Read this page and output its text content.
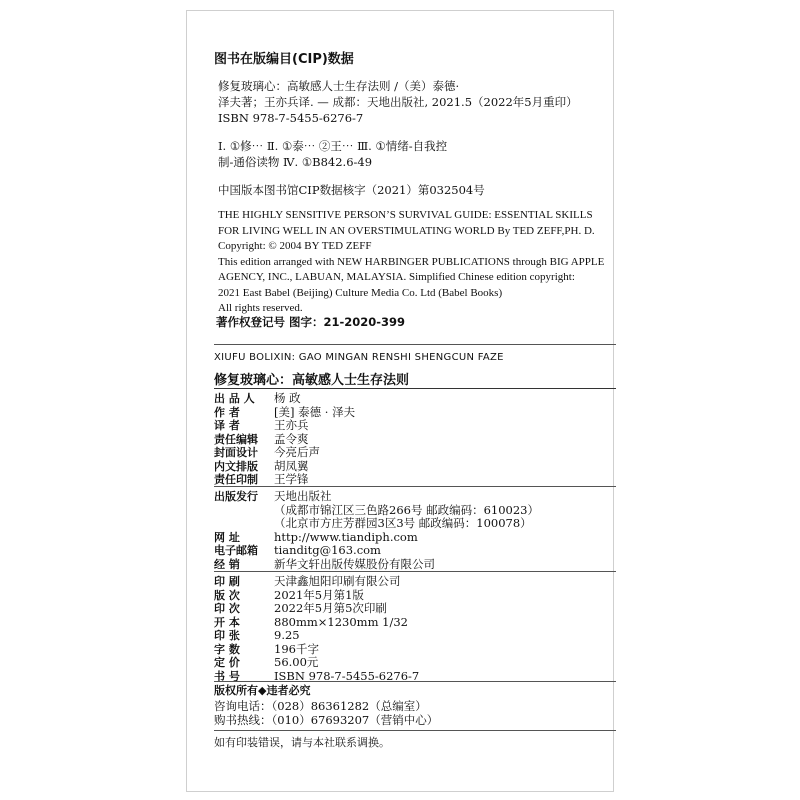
图书在版编目(CIP)数据
修复玻璃心：高敏感人士生存法则 /（美）泰德·
泽夫著；王亦兵译. — 成都：天地出版社, 2021.5（2022年5月重印）
ISBN 978-7-5455-6276-7
Ⅰ. ①修⋯ Ⅱ. ①泰⋯ ②王⋯ Ⅲ. ①情绪-自我控
制-通俗读物 Ⅳ. ①B842.6-49
中国版本图书馆CIP数据核字（2021）第032504号
THE HIGHLY SENSITIVE PERSON’S SURVIVAL GUIDE: ESSENTIAL SKILLS
FOR LIVING WELL IN AN OVERSTIMULATING WORLD By TED ZEFF,PH. D.
Copyright: © 2004 BY TED ZEFF
This edition arranged with NEW HARBINGER PUBLICATIONS through BIG APPLE
AGENCY, INC., LABUAN, MALAYSIA. Simplified Chinese edition copyright:
2021 East Babel (Beijing) Culture Media Co. Ltd (Babel Books)
All rights reserved.
著作权登记号 图字：21-2020-399
XIUFU BOLIXIN: GAO MINGAN RENSHI SHENGCUN FAZE
修复玻璃心：高敏感人士生存法则
出 品 人 杨 政
作 者	[美] 泰德 · 泽夫
译 者	王亦兵
责任编辑 孟令爽
封面设计 今亮后声
内文排版 胡凤翼
责任印制 王学锋
出版发行 天地出版社
（成都市锦江区三色路266号 邮政编码：610023）
（北京市方庄芳群园3区3号 邮政编码：100078）
网 址	http://www.tiandiph.com
电子邮箱 tianditg@163.com
经 销	新华文轩出版传媒股份有限公司
印 刷	天津鑫旭阳印刷有限公司
版 次	2021年5月第1版
印 次	2022年5月第5次印刷
开 本	880mm×1230mm 1/32
印 张	9.25
字 数	196千字
定 价	56.00元
书 号	ISBN 978-7-5455-6276-7
版权所有◆违者必究
咨询电话：（028）86361282（总编室）
购书热线：（010）67693207（营销中心）
如有印装错误，请与本社联系调换。
